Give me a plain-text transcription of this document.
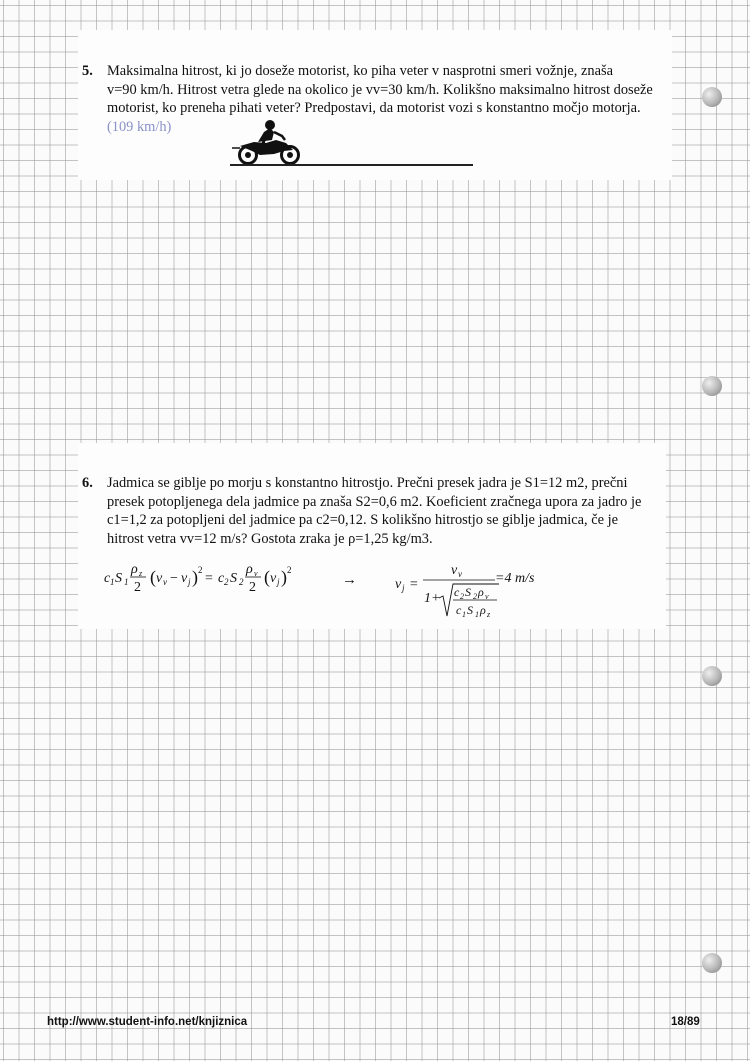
5. Maksimalna hitrost, ki jo doseže motorist, ko piha veter v nasprotni smeri vožnje, znaša
v=90 km/h. Hitrost vetra glede na okolico je vv=30 km/h. Kolikšno maksimalno hitrost doseže
motorist, ko preneha pihati veter? Predpostavi, da motorist vozi s konstantno močjo motorja.
(109 km/h)
6. Jadmica se giblje po morju s konstantno hitrostjo. Prečni presek jadra je S1=12 m2, prečni
presek potopljenega dela jadmice pa znaša S2=0,6 m2. Koeficient zračnega upora za jadro je
c1=1,2 za potopljeni del jadmice pa c2=0,12. S kolikšno hitrostjo se giblje jadmica, če je
hitrost vetra vv=12 m/s? Gostota zraka je ρ=1,25 kg/m3.
c 1 S 1
ρ z
2
( v v − v j ) 2
= c 2 S 2
ρ v
2
( v j ) 2
→	v j =
v v
1+ c 2 S 2 ρ v
c 1 S 1 ρ z
=4 m/s
http://www.student-info.net/knjiznica	18/89
